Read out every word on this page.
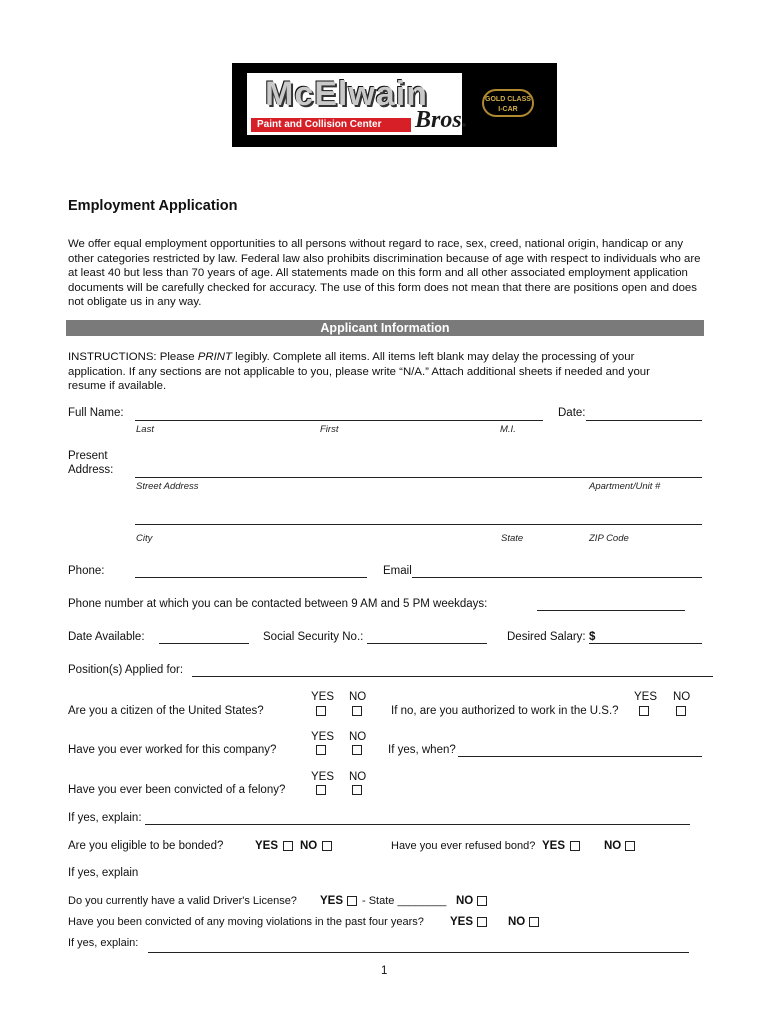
McElwain
Paint and Collision Center	Bros.
GOLD CLASS
I-CAR
Employment Application
We offer equal employment opportunities to all persons without regard to race, sex, creed, national origin, handicap or any other categories restricted by law. Federal law also prohibits discrimination because of age with respect to individuals who are at least 40 but less than 70 years of age. All statements made on this form and all other associated employment application documents will be carefully checked for accuracy. The use of this form does not mean that there are positions open and does not obligate us in any way.
Applicant Information
INSTRUCTIONS: Please PRINT legibly. Complete all items. All items left blank may delay the processing of your
application. If any sections are not applicable to you, please write “N/A.” Attach additional sheets if needed and your
resume if available.
Full Name:	Date:
Last	First	M.I.
Present
Address:
Street Address	Apartment/Unit #
City	State	ZIP Code
Phone:	Email
Phone number at which you can be contacted between 9 AM and 5 PM weekdays:
Date Available:	Social Security No.:	Desired Salary: $
Position(s) Applied for:
YES NO	YES NO
Are you a citizen of the United States?	If no, are you authorized to work in the U.S.?
YES NO
Have you ever worked for this company?	If yes, when?
YES NO
Have you ever been convicted of a felony?
If yes, explain:
Are you eligible to be bonded?	YES NO	Have you ever refused bond? YES	NO
If yes, explain
Do you currently have a valid Driver's License? YES - State ________ NO
Have you been convicted of any moving violations in the past four years? YES	NO
If yes, explain:
1
